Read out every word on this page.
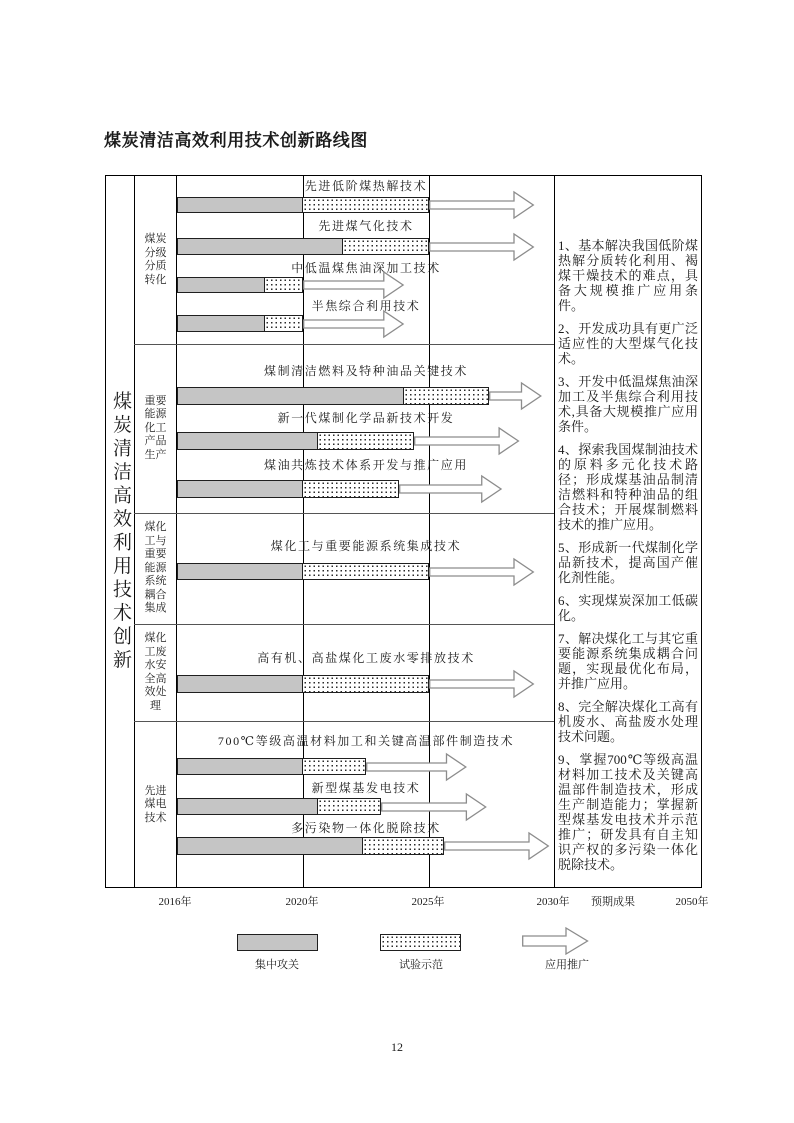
煤炭清洁高效利用技术创新路线图
煤炭清洁高效利用技术创新
煤炭分级分质转化
先进低阶煤热解技术
先进煤气化技术
中低温煤焦油深加工技术
半焦综合利用技术
重要能源化工产品生产
煤制清洁燃料及特种油品关键技术
新一代煤制化学品新技术开发
煤油共炼技术体系开发与推广应用
煤化工与重要能源系统耦合集成
煤化工与重要能源系统集成技术
煤化工废水安全高效处理
高有机、高盐煤化工废水零排放技术
先进煤电技术
700℃等级高温材料加工和关键高温部件制造技术
新型煤基发电技术
多污染物一体化脱除技术

1、基本解决我国低阶煤热解分质转化利用、褐煤干燥技术的难点，具备大规模推广应用条件。

2、开发成功具有更广泛适应性的大型煤气化技术。

3、开发中低温煤焦油深加工及半焦综合利用技术,具备大规模推广应用条件。

4、探索我国煤制油技术的原料多元化技术路径；形成煤基油品制清洁燃料和特种油品的组合技术；开展煤制燃料技术的推广应用。

5、形成新一代煤制化学品新技术，提高国产催化剂性能。

6、实现煤炭深加工低碳化。

7、解决煤化工与其它重要能源系统集成耦合问题，实现最优化布局，并推广应用。

8、完全解决煤化工高有机废水、高盐废水处理技术问题。

9、掌握700℃等级高温材料加工技术及关键高温部件制造技术，形成生产制造能力；掌握新型煤基发电技术并示范推广；研发具有自主知识产权的多污染一体化脱除技术。

12
2016年	2020年	2025年	2030年 预期成果	2050年
集中攻关	试验示范	应用推广
